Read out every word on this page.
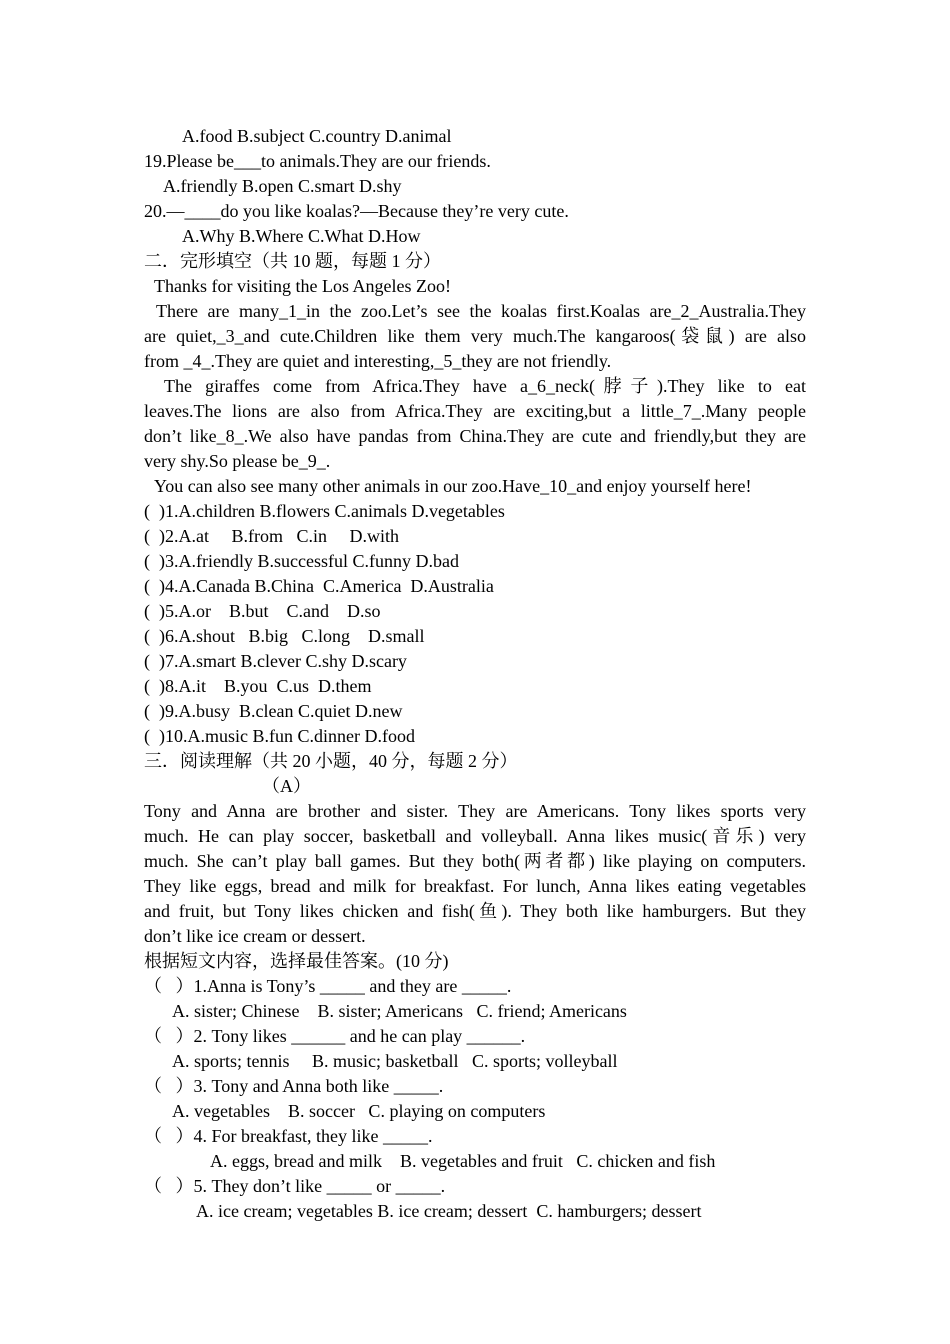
A.food B.subject C.country D.animal
19.Please be___to animals.They are our friends.
A.friendly B.open C.smart D.shy
20.—____do you like koalas?—Because they’re very cute.
A.Why B.Where C.What D.How
二．完形填空（共 10 题，每题 1 分）
Thanks for visiting the Los Angeles Zoo!
There are many_1_in the zoo.Let’s see the koalas first.Koalas are_2_Australia.They
are quiet,_3_and cute.Children like them very much.The kangaroos(袋鼠) are also
from _4_.They are quiet and interesting,_5_they are not friendly.
The giraffes come from Africa.They have a_6_neck(脖子).They like to eat
leaves.The lions are also from Africa.They are exciting,but a little_7_.Many people
don’t like_8_.We also have pandas from China.They are cute and friendly,but they are
very shy.So please be_9_.
You can also see many other animals in our zoo.Have_10_and enjoy yourself here!
(  )1.A.children B.flowers C.animals D.vegetables
(  )2.A.at     B.from   C.in     D.with
(  )3.A.friendly B.successful C.funny D.bad
(  )4.A.Canada B.China  C.America  D.Australia
(  )5.A.or    B.but    C.and    D.so
(  )6.A.shout   B.big   C.long    D.small
(  )7.A.smart B.clever C.shy D.scary
(  )8.A.it    B.you  C.us  D.them
(  )9.A.busy  B.clean C.quiet D.new
(  )10.A.music B.fun C.dinner D.food
三．阅读理解（共 20 小题，40 分，每题 2 分）
（A）
Tony and Anna are brother and sister. They are Americans. Tony likes sports very
much. He can play soccer, basketball and volleyball. Anna likes music(音乐) very
much. She can’t play ball games. But they both(两者都) like playing on computers.
They like eggs, bread and milk for breakfast. For lunch, Anna likes eating vegetables
and fruit, but Tony likes chicken and fish(鱼). They both like hamburgers. But they
don’t like ice cream or dessert.
根据短文内容，选择最佳答案。(10 分)
（   ）1.Anna is Tony’s _____ and they are _____.
A. sister; Chinese    B. sister; Americans   C. friend; Americans
（   ）2. Tony likes ______ and he can play ______.
A. sports; tennis     B. music; basketball   C. sports; volleyball
（   ）3. Tony and Anna both like _____.
A. vegetables    B. soccer   C. playing on computers
（   ）4. For breakfast, they like _____.
A. eggs, bread and milk    B. vegetables and fruit   C. chicken and fish
（   ）5. They don’t like _____ or _____.
A. ice cream; vegetables B. ice cream; dessert  C. hamburgers; dessert
